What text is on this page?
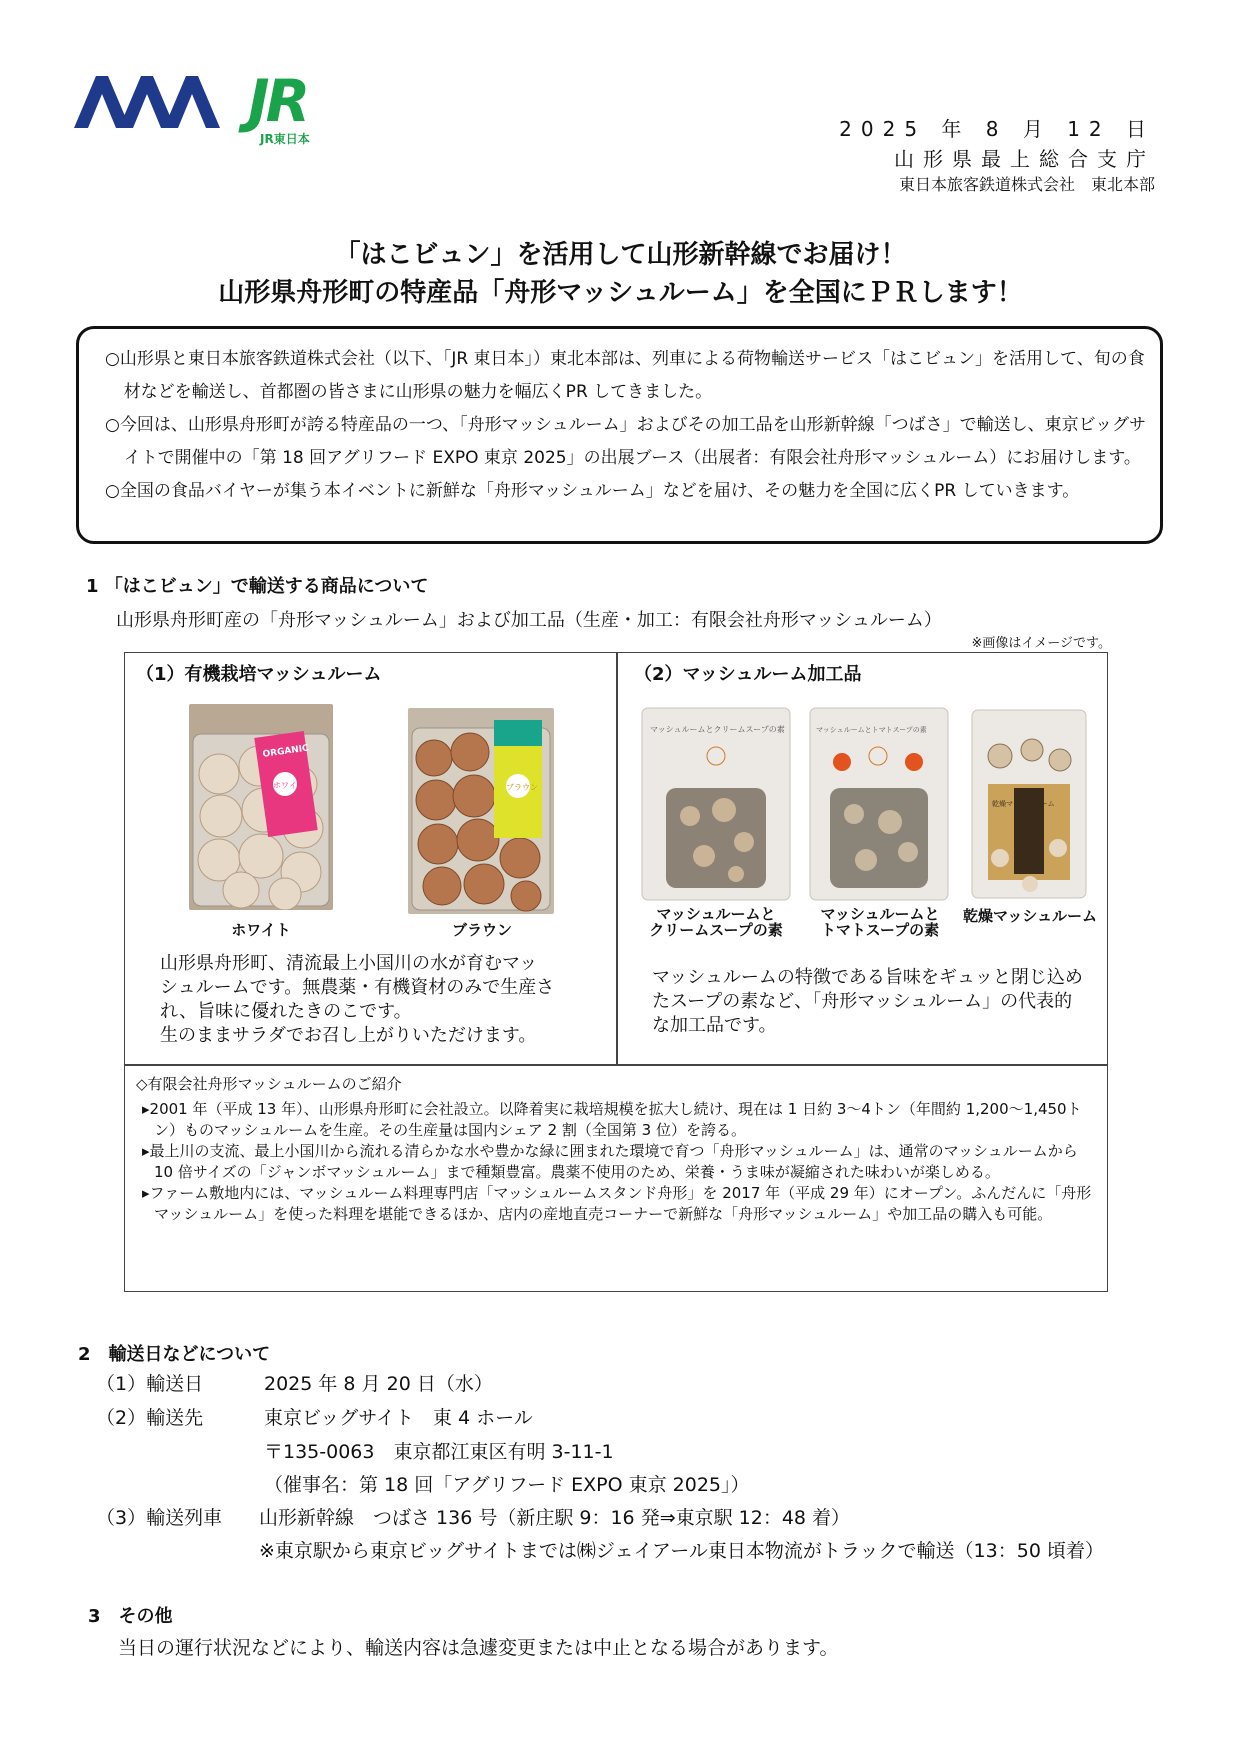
JR
JR東日本	2025 年 8 月 12 日
山形県最上総合支庁
東日本旅客鉄道株式会社　東北本部
「はこビュン」を活用して山形新幹線でお届け！
山形県舟形町の特産品「舟形マッシュルーム」を全国にＰＲします！

○山形県と東日本旅客鉄道株式会社（以下、「JR 東日本」）東北本部は、列車による荷物輸送サービス「はこビュン」を活用して、旬の食材などを輸送し、首都圏の皆さまに山形県の魅力を幅広くPR してきました。

○今回は、山形県舟形町が誇る特産品の一つ、「舟形マッシュルーム」およびその加工品を山形新幹線「つばさ」で輸送し、東京ビッグサイトで開催中の「第 18 回アグリフード EXPO 東京 2025」の出展ブース（出展者：有限会社舟形マッシュルーム）にお届けします。

○全国の食品バイヤーが集う本イベントに新鮮な「舟形マッシュルーム」などを届け、その魅力を全国に広くPR していきます。

1 「はこビュン」で輸送する商品について
山形県舟形町産の「舟形マッシュルーム」および加工品（生産・加工：有限会社舟形マッシュルーム）
※画像はイメージです。
（1）有機栽培マッシュルーム
ORGANIC
ホワイト	ブラウン
ホワイト	ブラウン
山形県舟形町、清流最上小国川の水が育むマッ
シュルームです。無農薬・有機資材のみで生産さ
れ、旨味に優れたきのこです。
生のままサラダでお召し上がりいただけます。
（2）マッシュルーム加工品
マッシュルームとクリームスープの素	マッシュルームとトマトスープの素
乾燥マッシュルーム
マッシュルームと
クリームスープの素
マッシュルームと
トマトスープの素
乾燥マッシュルーム
マッシュルームの特徴である旨味をギュッと閉じ込め
たスープの素など、「舟形マッシュルーム」の代表的
な加工品です。
◇有限会社舟形マッシュルームのご紹介
▸2001 年（平成 13 年）、山形県舟形町に会社設立。以降着実に栽培規模を拡大し続け、現在は 1 日約 3～4トン（年間約 1,200～1,450トン）ものマッシュルームを生産。その生産量は国内シェア 2 割（全国第 3 位）を誇る。
▸最上川の支流、最上小国川から流れる清らかな水や豊かな緑に囲まれた環境で育つ「舟形マッシュルーム」は、通常のマッシュルームから 10 倍サイズの「ジャンボマッシュルーム」まで種類豊富。農薬不使用のため、栄養・うま味が凝縮された味わいが楽しめる。
▸ファーム敷地内には、マッシュルーム料理専門店「マッシュルームスタンド舟形」を 2017 年（平成 29 年）にオープン。ふんだんに「舟形マッシュルーム」を使った料理を堪能できるほか、店内の産地直売コーナーで新鮮な「舟形マッシュルーム」や加工品の購入も可能。
2　輸送日などについて
（1）輸送日	2025 年 8 月 20 日（水）
（2）輸送先	東京ビッグサイト　東 4 ホール
〒135-0063　東京都江東区有明 3-11-1
（催事名：第 18 回「アグリフード EXPO 東京 2025」）
（3）輸送列車 山形新幹線　つばさ 136 号（新庄駅 9：16 発⇒東京駅 12：48 着）
※東京駅から東京ビッグサイトまでは㈱ジェイアール東日本物流がトラックで輸送（13：50 頃着）
3　その他
当日の運行状況などにより、輸送内容は急遽変更または中止となる場合があります。
